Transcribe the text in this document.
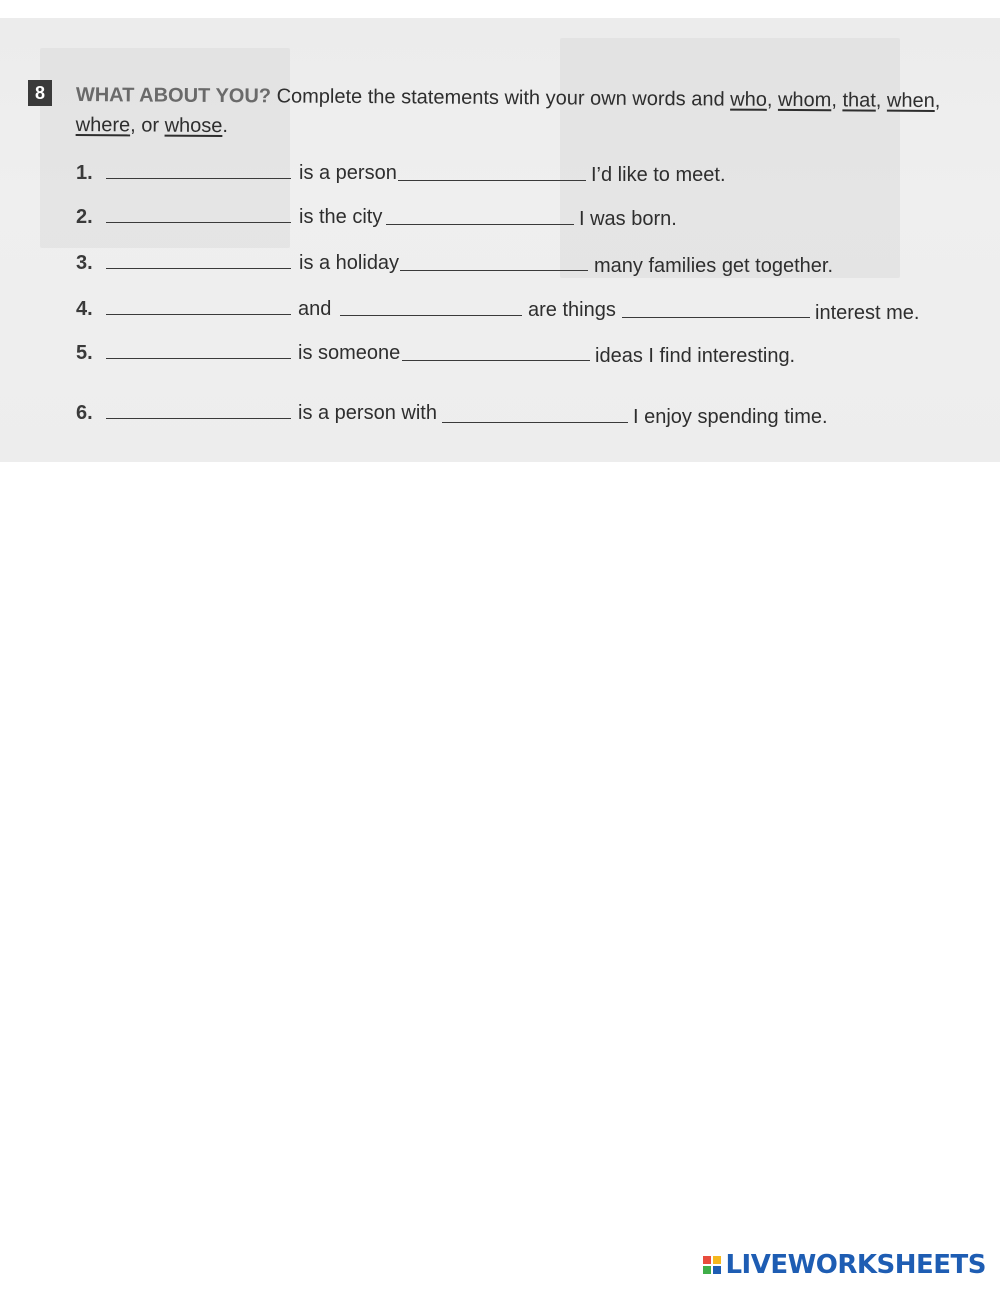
8	WHAT ABOUT YOU? Complete the statements with your own words and who, whom, that, when,
where, or whose.
1.	is a person	I’d like to meet.
2.	is the city	I was born.
3.	is a holiday	many families get together.
4.	and	are things	interest me.
5.	is someone	ideas I find interesting.
6.	is a person with	I enjoy spending time.
LIVEWORKSHEETS
